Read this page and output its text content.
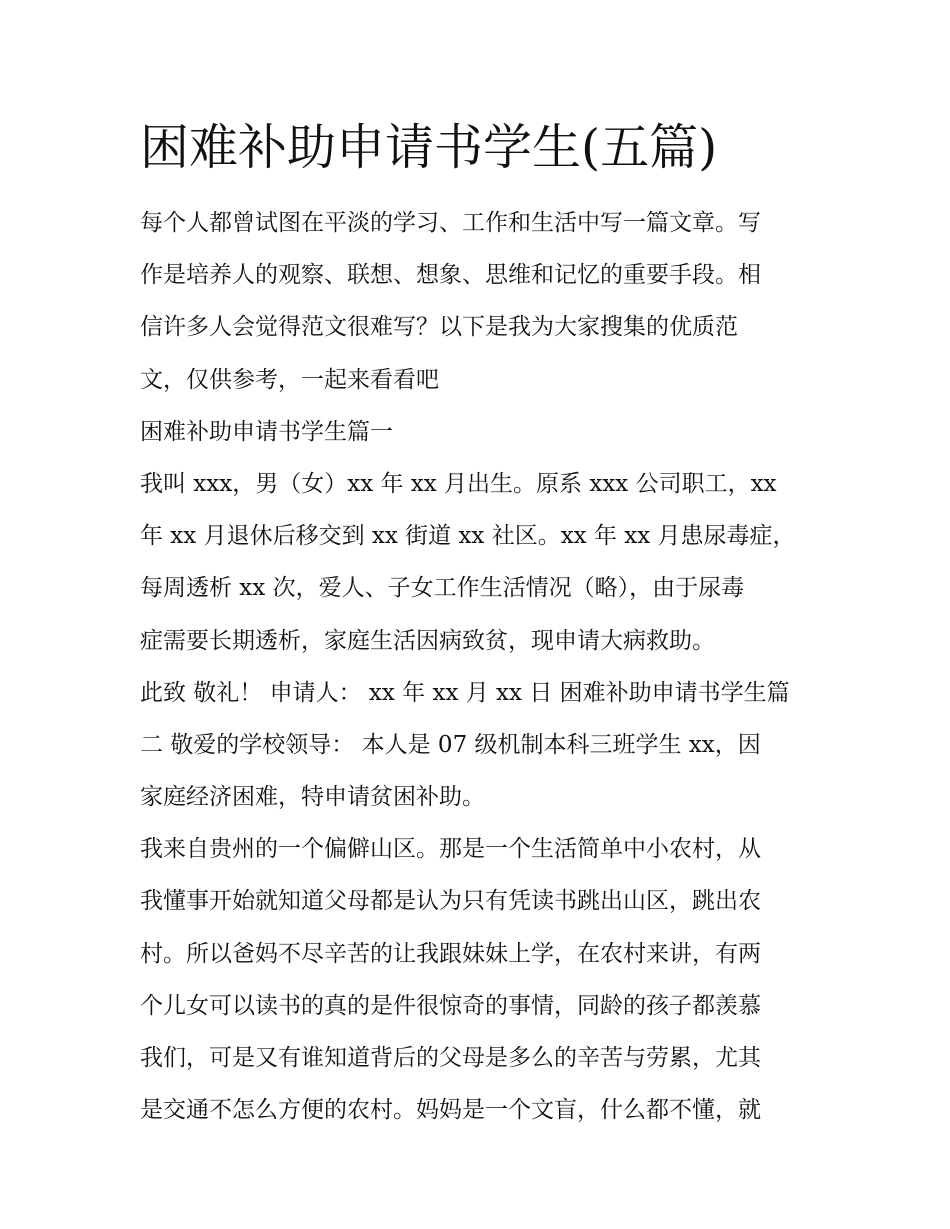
困难补助申请书学生(五篇)
每个人都曾试图在平淡的学习、工作和生活中写一篇文章。写
作是培养人的观察、联想、想象、思维和记忆的重要手段。相
信许多人会觉得范文很难写？以下是我为大家搜集的优质范
文，仅供参考，一起来看看吧
困难补助申请书学生篇一
我叫 xxx，男（女）xx 年 xx 月出生。原系 xxx 公司职工，xx
年 xx 月退休后移交到 xx 街道 xx 社区。xx 年 xx 月患尿毒症，
每周透析 xx 次，爱人、子女工作生活情况（略），由于尿毒
症需要长期透析，家庭生活因病致贫，现申请大病救助。
此致 敬礼！ 申请人： xx 年 xx 月 xx 日 困难补助申请书学生篇
二 敬爱的学校领导： 本人是 07 级机制本科三班学生 xx，因
家庭经济困难，特申请贫困补助。
我来自贵州的一个偏僻山区。那是一个生活简单中小农村，从
我懂事开始就知道父母都是认为只有凭读书跳出山区，跳出农
村。所以爸妈不尽辛苦的让我跟妹妹上学，在农村来讲，有两
个儿女可以读书的真的是件很惊奇的事情，同龄的孩子都羡慕
我们，可是又有谁知道背后的父母是多么的辛苦与劳累，尤其
是交通不怎么方便的农村。妈妈是一个文盲，什么都不懂，就
